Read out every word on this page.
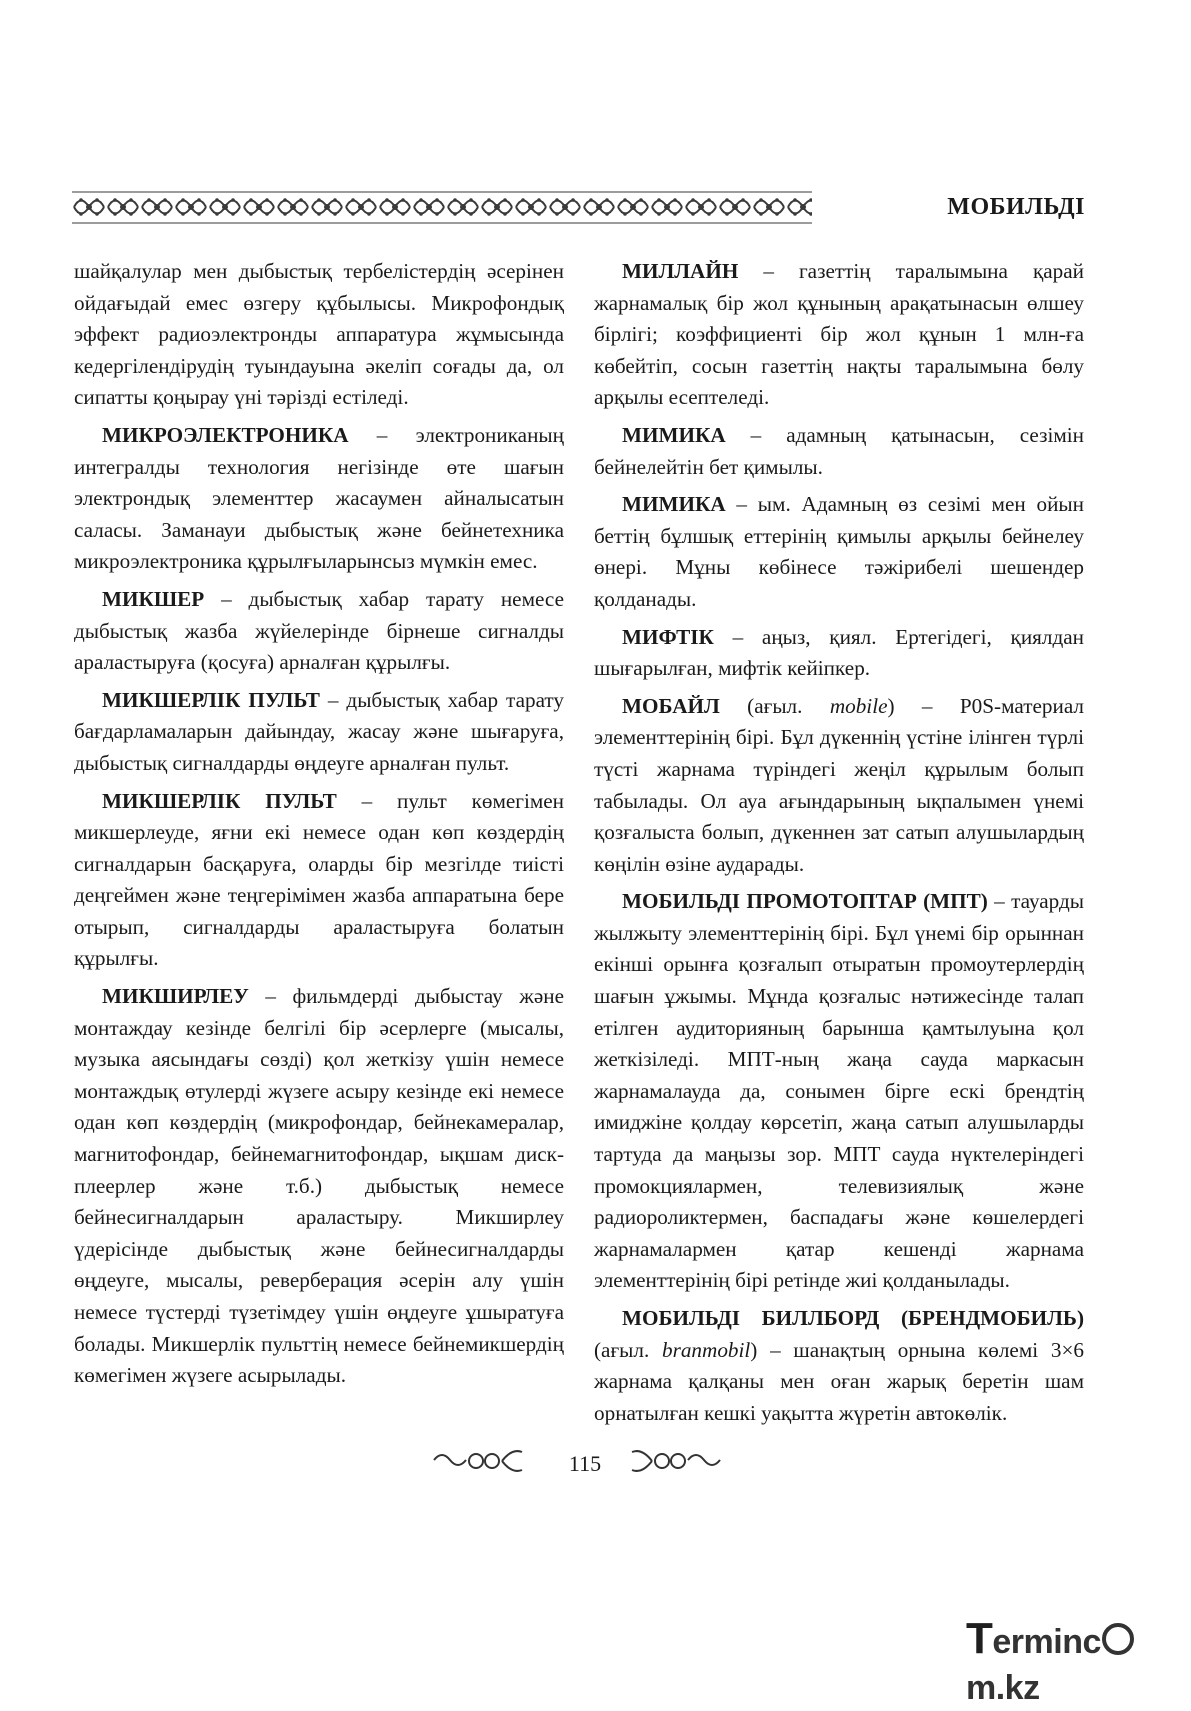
МОБИЛЬДІ

шайқалулар мен дыбыстық тербелістердің әсерінен ойдағыдай емес өзгеру құбылысы. Микрофондық эффект радиоэлектронды аппаратура жұмысында кедергілендірудің туындауына әкеліп соғады да, ол сипатты қоңырау үні тәрізді естіледі.

МИКРОЭЛЕКТРОНИКА – электрониканың интегралды технология негізінде өте шағын электрондық элементтер жасаумен айналысатын саласы. Заманауи дыбыстық және бейнетехника микроэлектроника құрылғыларынсыз мүмкін емес.

МИКШЕР – дыбыстық хабар тарату немесе дыбыстық жазба жүйелерінде бірнеше сигналды араластыруға (қосуға) арналған құрылғы.

МИКШЕРЛІК ПУЛЬТ – дыбыстық хабар тарату бағдарламаларын дайындау, жасау және шығаруға, дыбыстық сигналдарды өңдеуге арналған пульт.

МИКШЕРЛІК ПУЛЬТ – пульт көмегімен микшерлеуде, яғни екі немесе одан көп көздердің сигналдарын басқаруға, оларды бір мезгілде тиісті деңгеймен және теңгерімімен жазба аппаратына бере отырып, сигналдарды араластыруға болатын құрылғы.

МИКШИРЛЕУ – фильмдерді дыбыстау және монтаждау кезінде белгілі бір әсерлерге (мысалы, музыка аясындағы сөзді) қол жеткізу үшін немесе монтаждық өтулерді жүзеге асыру кезінде екі немесе одан көп көздердің (микрофондар, бейнекамералар, магнитофондар, бейнемагнитофондар, ықшам диск-плеерлер және т.б.) дыбыстық немесе бейнесигналдарын араластыру. Микширлеу үдерісінде дыбыстық және бейнесигналдарды өңдеуге, мысалы, реверберация әсерін алу үшін немесе түстерді түзетімдеу үшін өңдеуге ұшыратуға болады. Микшерлік пульттің немесе бейнемикшердің көмегімен жүзеге асырылады.

МИЛЛАЙН – газеттің таралымына қарай жарнамалық бір жол құнының арақатынасын өлшеу бірлігі; коэффициенті бір жол құнын 1 млн-ға көбейтіп, сосын газеттің нақты таралымына бөлу арқылы есептеледі.

МИМИКА – адамның қатынасын, сезімін бейнелейтін бет қимылы.

МИМИКА – ым. Адамның өз сезімі мен ойын беттің бұлшық еттерінің қимылы арқылы бейнелеу өнері. Мұны көбінесе тәжірибелі шешендер қолданады.

МИФТІК – аңыз, қиял. Ертегідегі, қиялдан шығарылған, мифтік кейіпкер.

МОБАЙЛ (ағыл. mobile) – P0S-материал элементтерінің бірі. Бұл дүкеннің үстіне ілінген түрлі түсті жарнама түріндегі жеңіл құрылым болып табылады. Ол ауа ағындарының ықпалымен үнемі қозғалыста болып, дүкеннен зат сатып алушылардың көңілін өзіне аударады.

МОБИЛЬДІ ПРОМОТОПТАР (МПТ) – тауарды жылжыту элементтерінің бірі. Бұл үнемі бір орыннан екінші орынға қозғалып отыратын промоутерлердің шағын ұжымы. Мұнда қозғалыс нәтижесінде талап етілген аудиторияның барынша қамтылуына қол жеткізіледі. МПТ-ның жаңа сауда маркасын жарнамалауда да, сонымен бірге ескі брендтің имиджіне қолдау көрсетіп, жаңа сатып алушыларды тартуда да маңызы зор. МПТ сауда нүктелеріндегі промокциялармен, телевизиялық және радиороликтермен, баспадағы және көшелердегі жарнамалармен қатар кешенді жарнама элементтерінің бірі ретінде жиі қолданылады.

МОБИЛЬДІ БИЛЛБОРД (БРЕНДМОБИЛЬ) (ағыл. branmobil) – шанақтың орнына көлемі 3×6 жарнама қалқаны мен оған жарық беретін шам орнатылған кешкі уақытта жүретін автокөлік.

115
Termincm.kz
